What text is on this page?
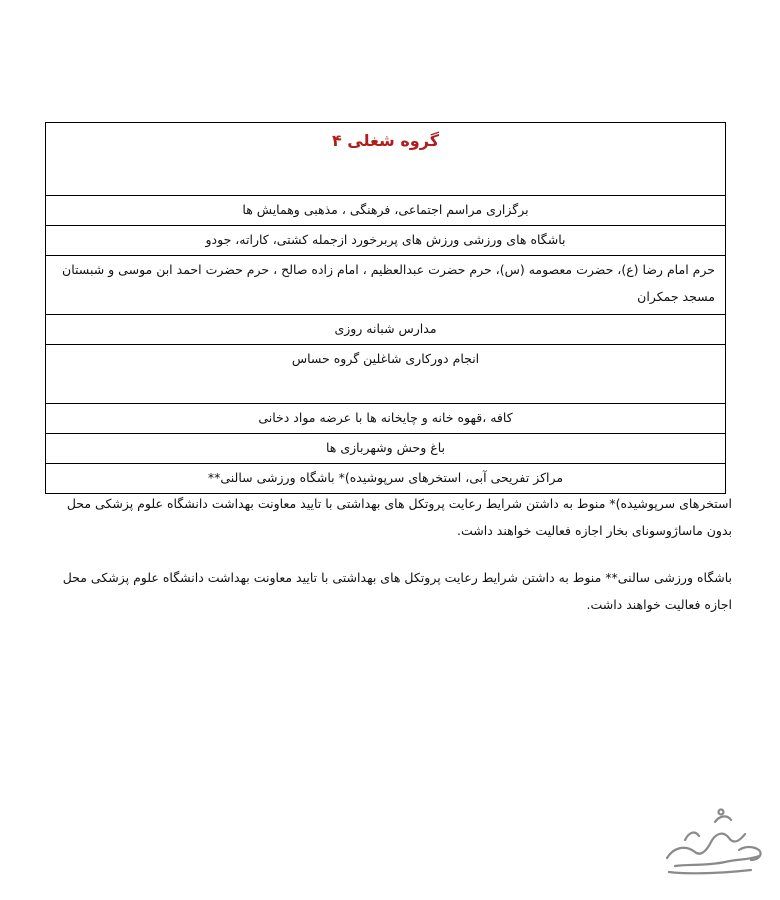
گروه شغلی ۴
برگزاری مراسم اجتماعی، فرهنگی ، مذهبی وهمایش ها
باشگاه های ورزشی ورزش های پربرخورد ازجمله کشتی، کاراته، جودو
حرم امام رضا (ع)، حضرت معصومه (س)، حرم حضرت عبدالعظیم ، امام زاده صالح ، حرم حضرت احمد ابن موسی و شبستان مسجد جمکران
مدارس شبانه روزی
انجام دورکاری شاغلین گروه حساس
کافه ،قهوه خانه و چایخانه ها با عرضه مواد دخانی
باغ وحش وشهربازی ها
مراکز تفریحی آبی، استخرهای سرپوشیده)* باشگاه ورزشی سالنی**

استخرهای سرپوشیده)* منوط به داشتن شرایط رعایت پروتکل های بهداشتی با تایید معاونت بهداشت دانشگاه علوم پزشکی محل بدون ماساژوسونای بخار اجازه فعالیت خواهند داشت.

باشگاه ورزشی سالنی** منوط به داشتن شرایط رعایت پروتکل های بهداشتی با تایید معاونت بهداشت دانشگاه علوم پزشکی محل اجازه فعالیت خواهند داشت.
